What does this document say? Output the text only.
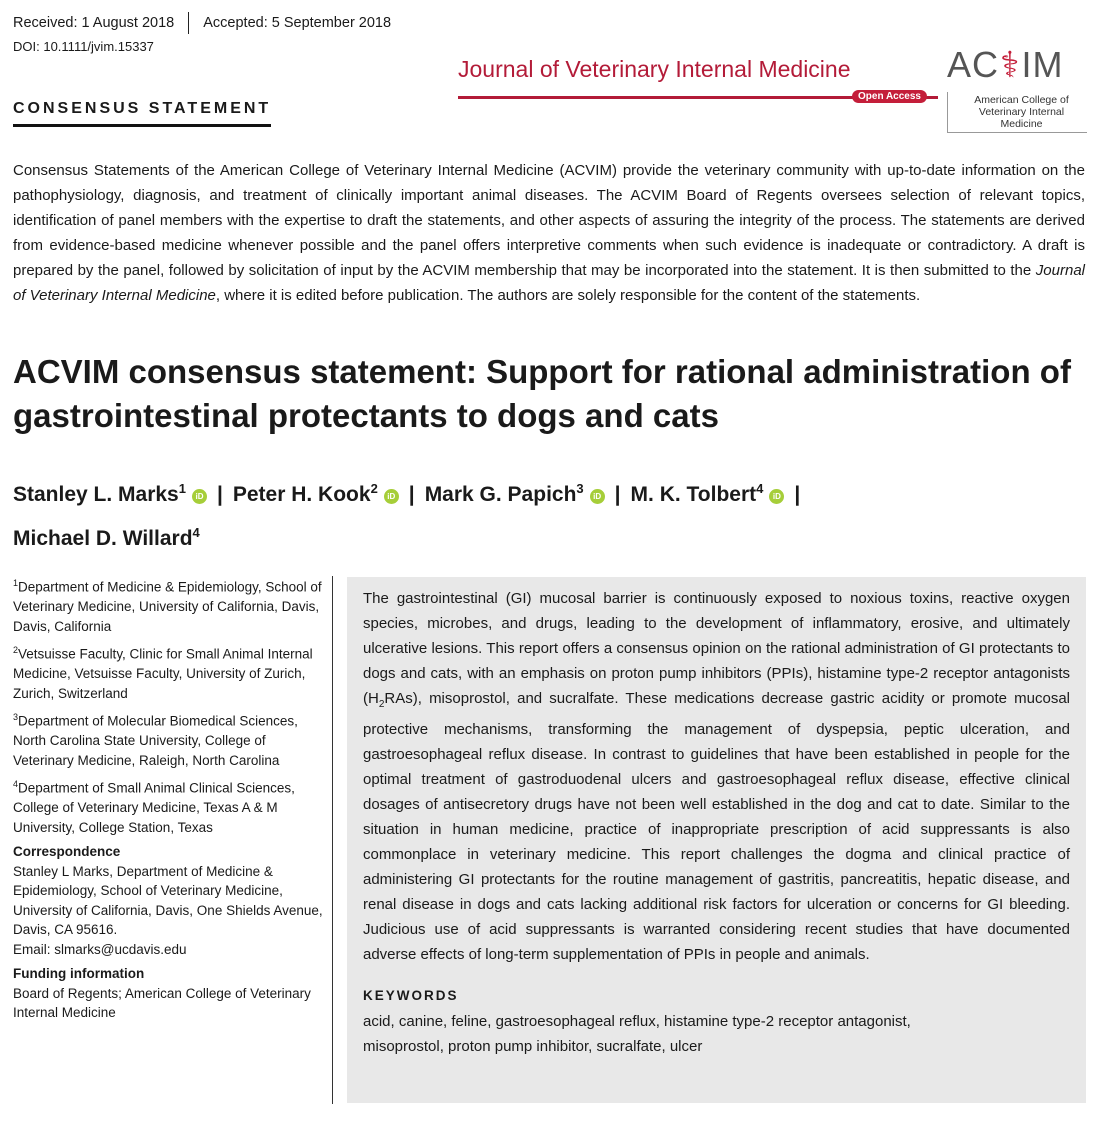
Received: 1 August 2018 Accepted: 5 September 2018
DOI: 10.1111/jvim.15337
Journal of Veterinary Internal Medicine
Open Access
AC ⚕ IM
American College of
Veterinary Internal Medicine
CONSENSUS STATEMENT
Consensus Statements of the American College of Veterinary Internal Medicine (ACVIM) provide the veterinary community with up-to-date information on the pathophysiology, diagnosis, and treatment of clinically important animal diseases. The ACVIM Board of Regents oversees selection of relevant topics, identification of panel members with the expertise to draft the statements, and other aspects of assuring the integrity of the process. The statements are derived from evidence-based medicine whenever possible and the panel offers interpretive comments when such evidence is inadequate or contradictory. A draft is prepared by the panel, followed by solicitation of input by the ACVIM membership that may be incorporated into the statement. It is then submitted to the Journal of Veterinary Internal Medicine, where it is edited before publication. The authors are solely responsible for the content of the statements.
ACVIM consensus statement: Support for rational administration of gastrointestinal protectants to dogs and cats
Stanley L. Marks$^1$iD | Peter H. Kook$^2$iD | Mark G. Papich$^3$iD | M. K. Tolbert$^4$iD |
Michael D. Willard$^4$

$^1$Department of Medicine & Epidemiology, School of Veterinary Medicine, University of California, Davis, Davis, California

$^2$Vetsuisse Faculty, Clinic for Small Animal Internal Medicine, Vetsuisse Faculty, University of Zurich, Zurich, Switzerland

$^3$Department of Molecular Biomedical Sciences, North Carolina State University, College of Veterinary Medicine, Raleigh, North Carolina

$^4$Department of Small Animal Clinical Sciences, College of Veterinary Medicine, Texas A & M University, College Station, Texas

Correspondence

Stanley L Marks, Department of Medicine & Epidemiology, School of Veterinary Medicine, University of California, Davis, One Shields Avenue, Davis, CA 95616.
Email: slmarks@ucdavis.edu

Funding information

Board of Regents; American College of Veterinary Internal Medicine

The gastrointestinal (GI) mucosal barrier is continuously exposed to noxious toxins, reactive oxygen species, microbes, and drugs, leading to the development of inflammatory, erosive, and ultimately ulcerative lesions. This report offers a consensus opinion on the rational administration of GI protectants to dogs and cats, with an emphasis on proton pump inhibitors (PPIs), histamine type-2 receptor antagonists $(H_2RAs)$, misoprostol, and sucralfate. These medications decrease gastric acidity or promote mucosal protective mechanisms, transforming the management of dyspepsia, peptic ulceration, and gastroesophageal reflux disease. In contrast to guidelines that have been established in people for the optimal treatment of gastroduodenal ulcers and gastroesophageal reflux disease, effective clinical dosages of antisecretory drugs have not been well established in the dog and cat to date. Similar to the situation in human medicine, practice of inappropriate prescription of acid suppressants is also commonplace in veterinary medicine. This report challenges the dogma and clinical practice of administering GI protectants for the routine management of gastritis, pancreatitis, hepatic disease, and renal disease in dogs and cats lacking additional risk factors for ulceration or concerns for GI bleeding. Judicious use of acid suppressants is warranted considering recent studies that have documented adverse effects of long-term supplementation of PPIs in people and animals.

KEYWORDS

acid, canine, feline, gastroesophageal reflux, histamine type-2 receptor antagonist, misoprostol, proton pump inhibitor, sucralfate, ulcer
